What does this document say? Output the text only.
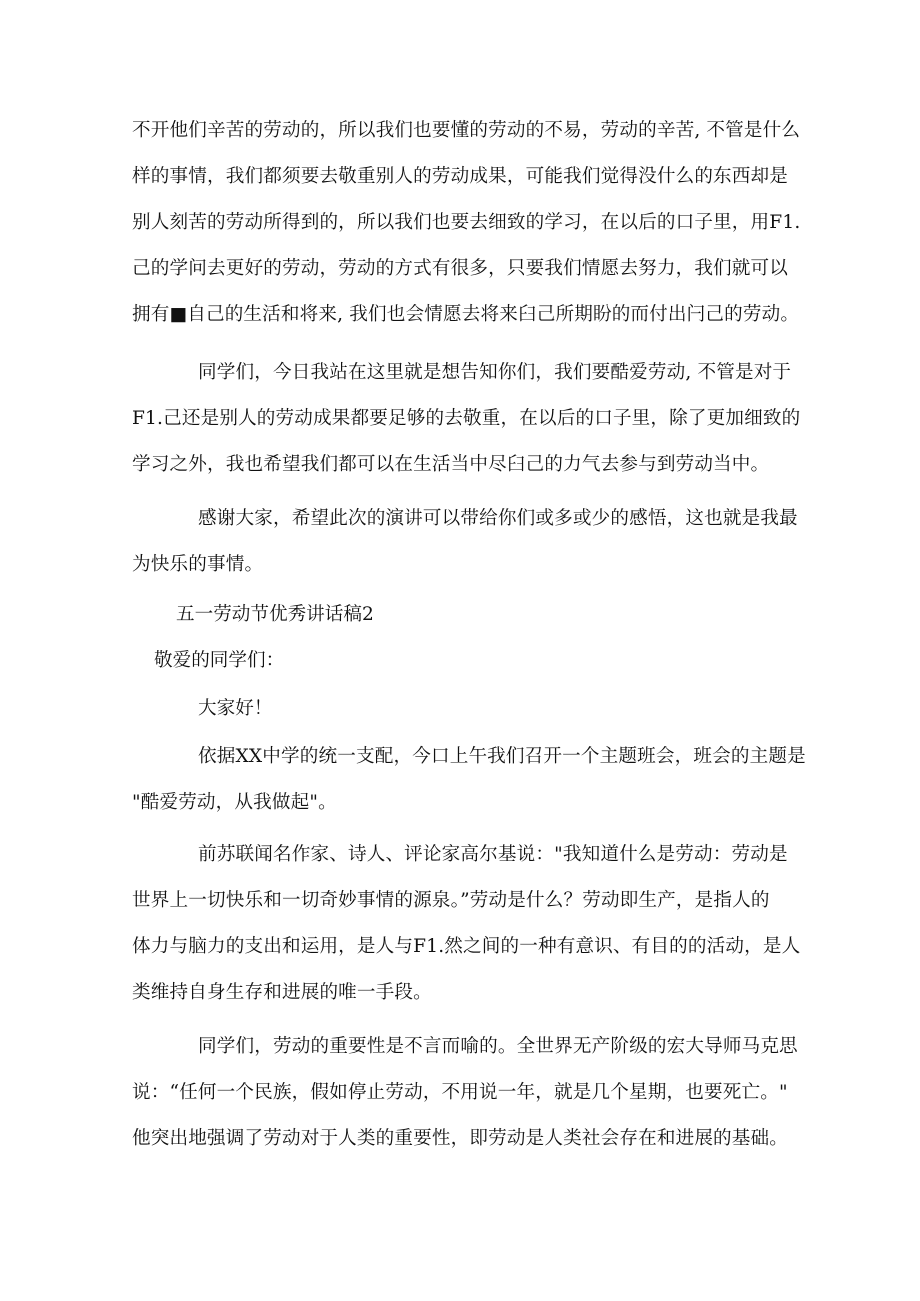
不开他们辛苦的劳动的，所以我们也要懂的劳动的不易，劳动的辛苦, 不管是什么
样的事情，我们都须要去敬重别人的劳动成果，可能我们觉得没什么的东西却是
别人刻苦的劳动所得到的，所以我们也要去细致的学习，在以后的口子里，用F1.
己的学问去更好的劳动，劳动的方式有很多，只要我们情愿去努力，我们就可以
拥有■自己的生活和将来, 我们也会情愿去将来臼己所期盼的而付出闩己的劳动。
同学们，今日我站在这里就是想告知你们，我们要酷爱劳动, 不管是对于
F1.己还是别人的劳动成果都要足够的去敬重，在以后的口子里，除了更加细致的
学习之外，我也希望我们都可以在生活当中尽臼己的力气去参与到劳动当中。
感谢大家，希望此次的演讲可以带给你们或多或少的感悟，这也就是我最
为快乐的事情。

五一劳动节优秀讲话稿2

敬爱的同学们：

大家好！

依据XX中学的统一支配，今口上午我们召开一个主题班会，班会的主题是
"酷爱劳动，从我做起"。
前苏联闻名作家、诗人、评论家高尔基说："我知道什么是劳动：劳动是
世界上一切快乐和一切奇妙事情的源泉。”劳动是什么？劳动即生产，是指人的
体力与脑力的支出和运用，是人与F1.然之间的一种有意识、有目的的活动，是人
类维持自身生存和进展的唯一手段。
同学们，劳动的重要性是不言而喻的。全世界无产阶级的宏大导师马克思
说：“任何一个民族，假如停止劳动，不用说一年，就是几个星期，也要死亡。"
他突出地强调了劳动对于人类的重要性，即劳动是人类社会存在和进展的基础。
